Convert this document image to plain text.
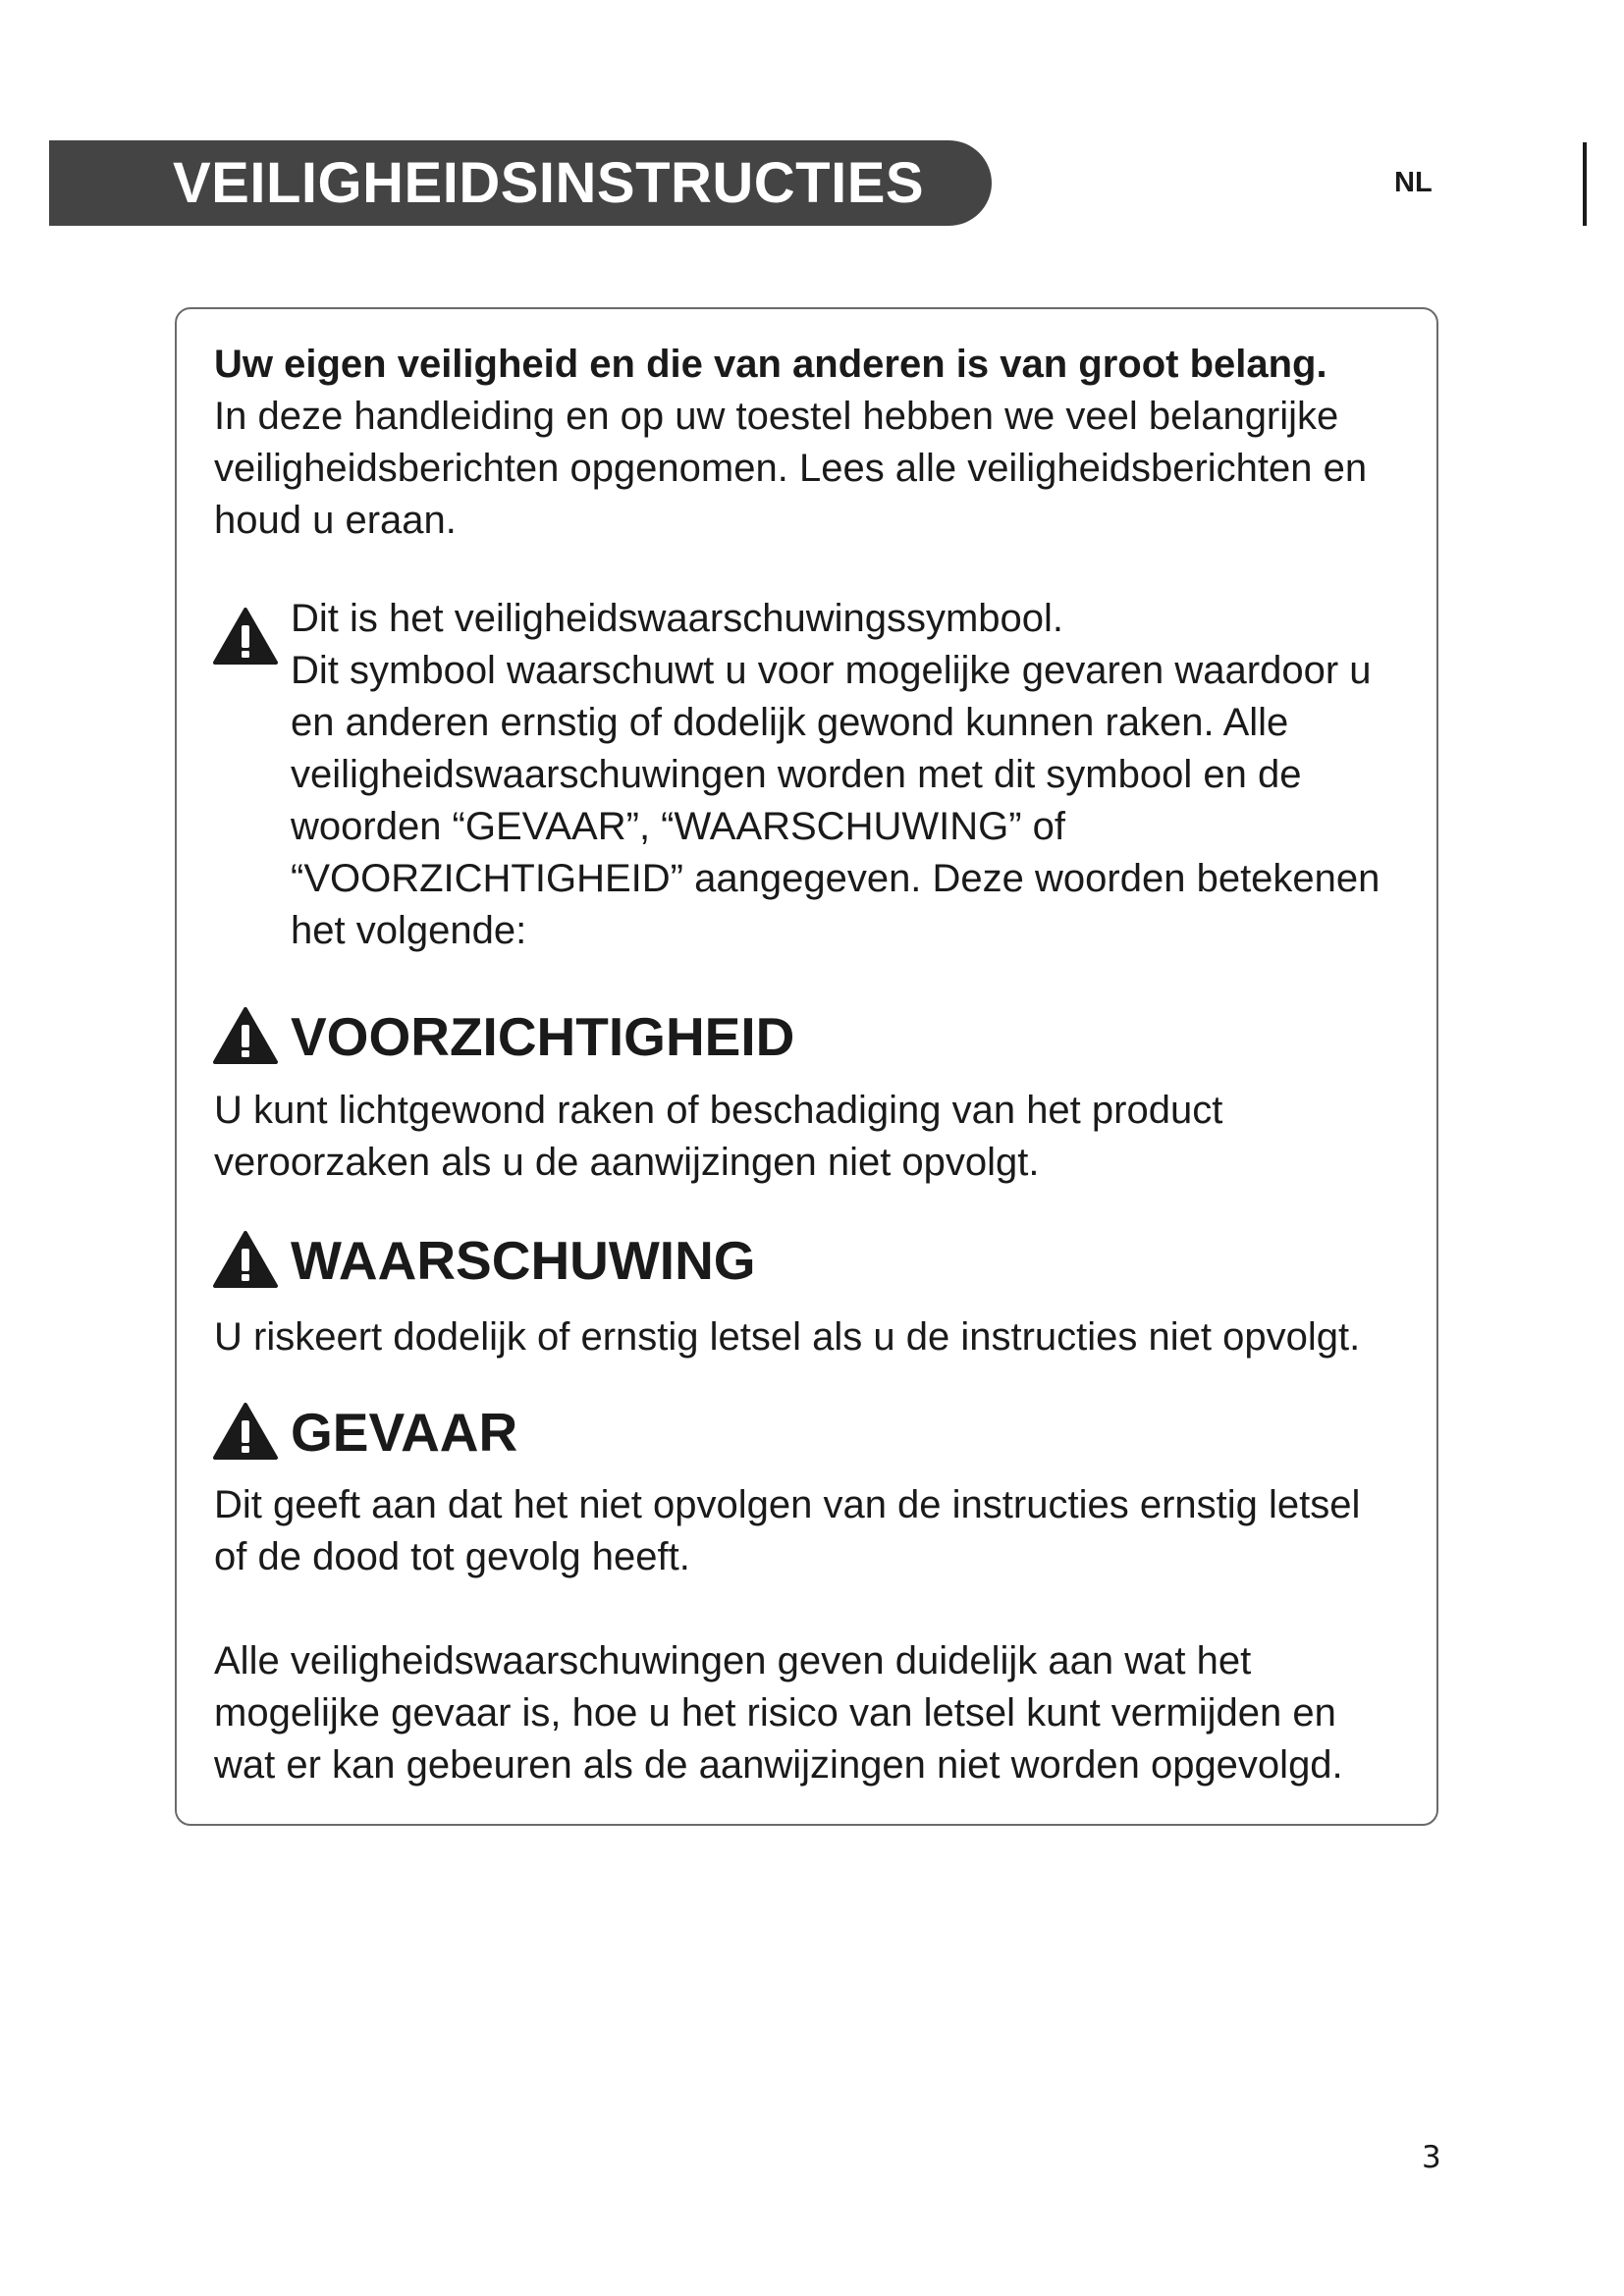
VEILIGHEIDSINSTRUCTIES	NL
Uw eigen veiligheid en die van anderen is van groot belang.
In deze handleiding en op uw toestel hebben we veel belangrijke
veiligheidsberichten opgenomen. Lees alle veiligheidsberichten en
houd u eraan.
Dit is het veiligheidswaarschuwingssymbool.
Dit symbool waarschuwt u voor mogelijke gevaren waardoor u
en anderen ernstig of dodelijk gewond kunnen raken. Alle
veiligheidswaarschuwingen worden met dit symbool en de
woorden “GEVAAR”, “WAARSCHUWING” of
“VOORZICHTIGHEID” aangegeven. Deze woorden betekenen
het volgende:
VOORZICHTIGHEID
U kunt lichtgewond raken of beschadiging van het product
veroorzaken als u de aanwijzingen niet opvolgt.
WAARSCHUWING
U riskeert dodelijk of ernstig letsel als u de instructies niet opvolgt.
GEVAAR
Dit geeft aan dat het niet opvolgen van de instructies ernstig letsel
of de dood tot gevolg heeft.
Alle veiligheidswaarschuwingen geven duidelijk aan wat het
mogelijke gevaar is, hoe u het risico van letsel kunt vermijden en
wat er kan gebeuren als de aanwijzingen niet worden opgevolgd.
3
